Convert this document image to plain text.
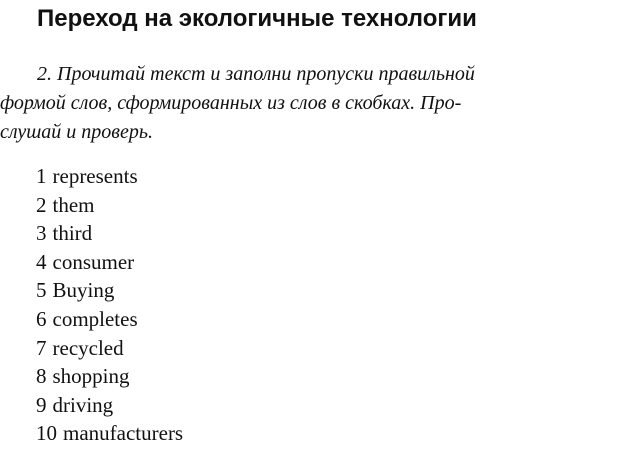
Переход на экологичные технологии
2. Прочитай текст и заполни пропуски правильной
формой слов, сформированных из слов в скобках. Про-
слушай и проверь.
1 represents
2 them
3 third
4 consumer
5 Buying
6 completes
7 recycled
8 shopping
9 driving
10 manufacturers
